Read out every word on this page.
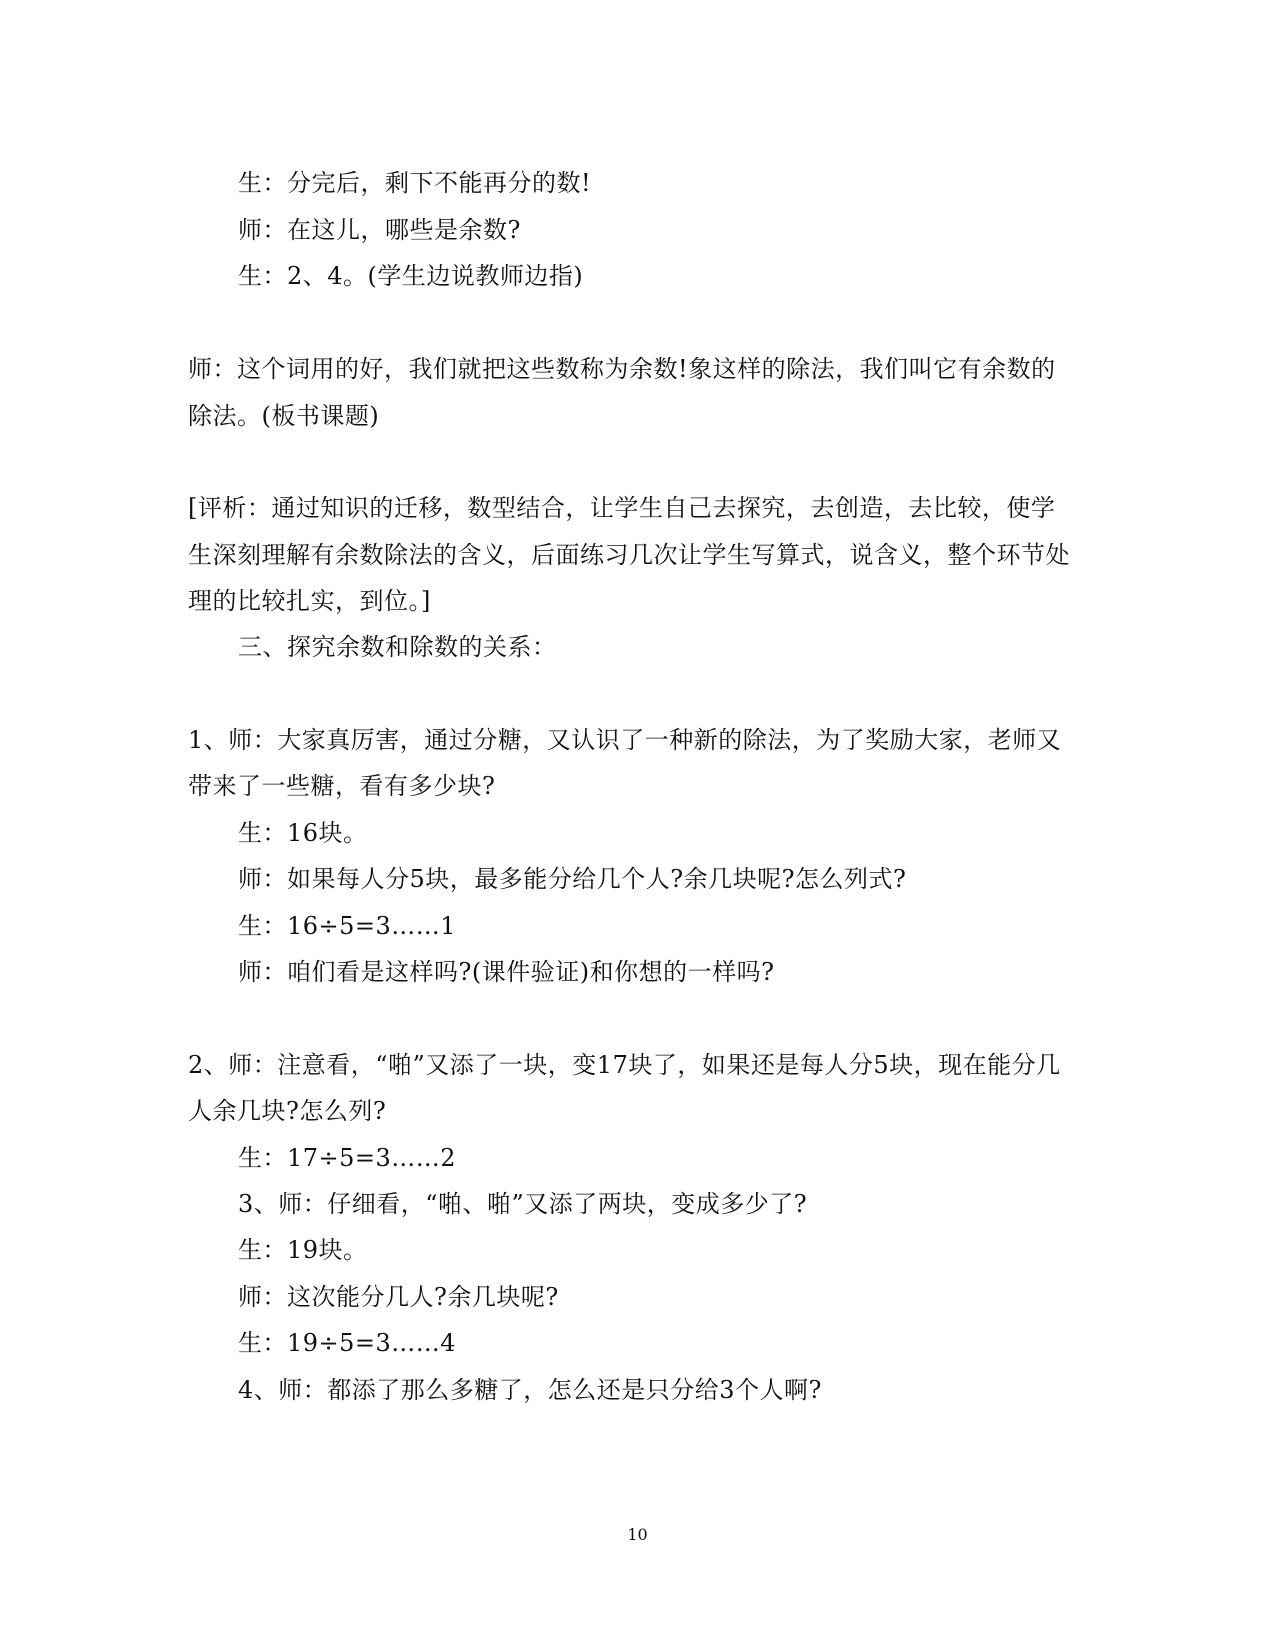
生：分完后，剩下不能再分的数!
师：在这儿，哪些是余数?
生：2、4。(学生边说教师边指)
师：这个词用的好，我们就把这些数称为余数!象这样的除法，我们叫它有余数的
除法。(板书课题)
[评析：通过知识的迁移，数型结合，让学生自己去探究，去创造，去比较，使学
生深刻理解有余数除法的含义，后面练习几次让学生写算式，说含义，整个环节处
理的比较扎实，到位。]
三、探究余数和除数的关系：
1、师：大家真厉害，通过分糖，又认识了一种新的除法，为了奖励大家，老师又
带来了一些糖，看有多少块?
生：16块。
师：如果每人分5块，最多能分给几个人?余几块呢?怎么列式?
生：16÷5=3……1
师：咱们看是这样吗?(课件验证)和你想的一样吗?
2、师：注意看，“啪”又添了一块，变17块了，如果还是每人分5块，现在能分几
人余几块?怎么列?
生：17÷5=3……2
3、师：仔细看，“啪、啪”又添了两块，变成多少了?
生：19块。
师：这次能分几人?余几块呢?
生：19÷5=3……4
4、师：都添了那么多糖了，怎么还是只分给3个人啊?
10
